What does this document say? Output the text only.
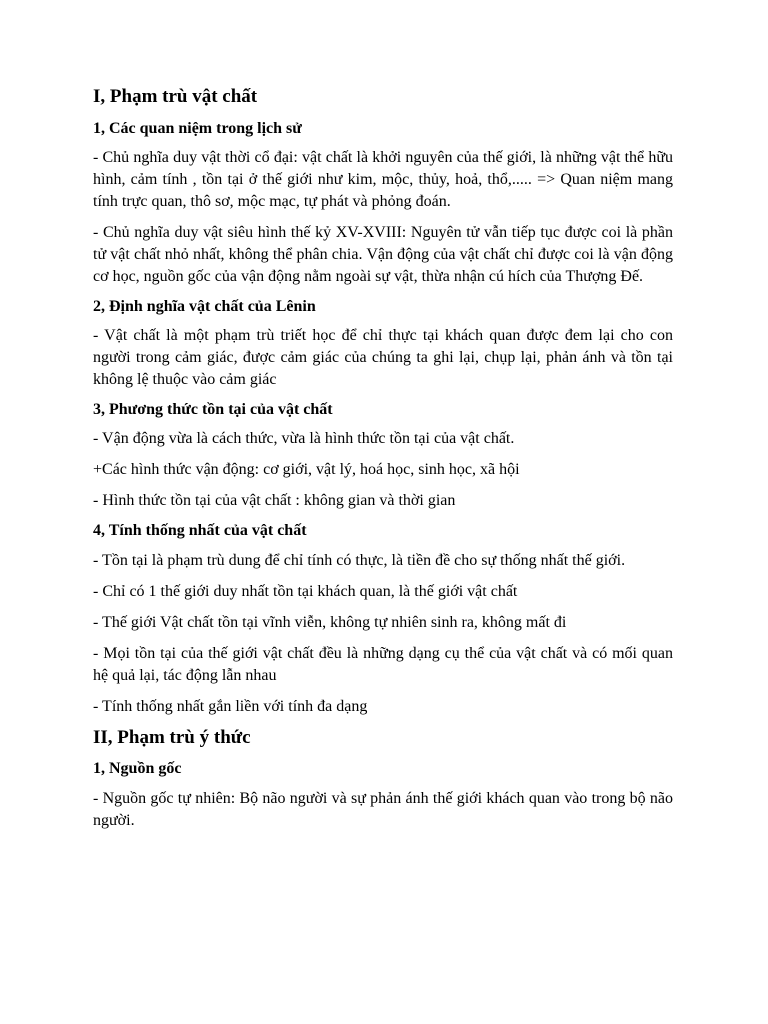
I, Phạm trù vật chất
1, Các quan niệm trong lịch sử

- Chủ nghĩa duy vật thời cổ đại: vật chất là khởi nguyên của thế giới, là những vật thể hữu hình, cảm tính , tồn tại ở thế giới như kim, mộc, thủy, hoả, thổ,..... => Quan niệm mang tính trực quan, thô sơ, mộc mạc, tự phát và phỏng đoán.

- Chủ nghĩa duy vật siêu hình thế kỷ XV-XVIII: Nguyên tử vẫn tiếp tục được coi là phần tử vật chất nhỏ nhất, không thể phân chia. Vận động của vật chất chỉ được coi là vận động cơ học, nguồn gốc của vận động nằm ngoài sự vật, thừa nhận cú hích của Thượng Đế.

2, Định nghĩa vật chất của Lênin

- Vật chất là một phạm trù triết học để chỉ thực tại khách quan được đem lại cho con người trong cảm giác, được cảm giác của chúng ta ghi lại, chụp lại, phản ánh và tồn tại không lệ thuộc vào cảm giác

3, Phương thức tồn tại của vật chất

- Vận động vừa là cách thức, vừa là hình thức tồn tại của vật chất.

+Các hình thức vận động: cơ giới, vật lý, hoá học, sinh học, xã hội

- Hình thức tồn tại của vật chất : không gian và thời gian

4, Tính thống nhất của vật chất

- Tồn tại là phạm trù dung để chỉ tính có thực, là tiền đề cho sự thống nhất thế giới.

- Chỉ có 1 thế giới duy nhất tồn tại khách quan, là thế giới vật chất

- Thế giới Vật chất tồn tại vĩnh viễn, không tự nhiên sinh ra, không mất đi

- Mọi tồn tại của thế giới vật chất đều là những dạng cụ thể của vật chất và có mối quan hệ quả lại, tác động lẫn nhau

- Tính thống nhất gắn liền với tính đa dạng

II, Phạm trù ý thức
1, Nguồn gốc

- Nguồn gốc tự nhiên: Bộ não người và sự phản ánh thế giới khách quan vào trong bộ não người.
